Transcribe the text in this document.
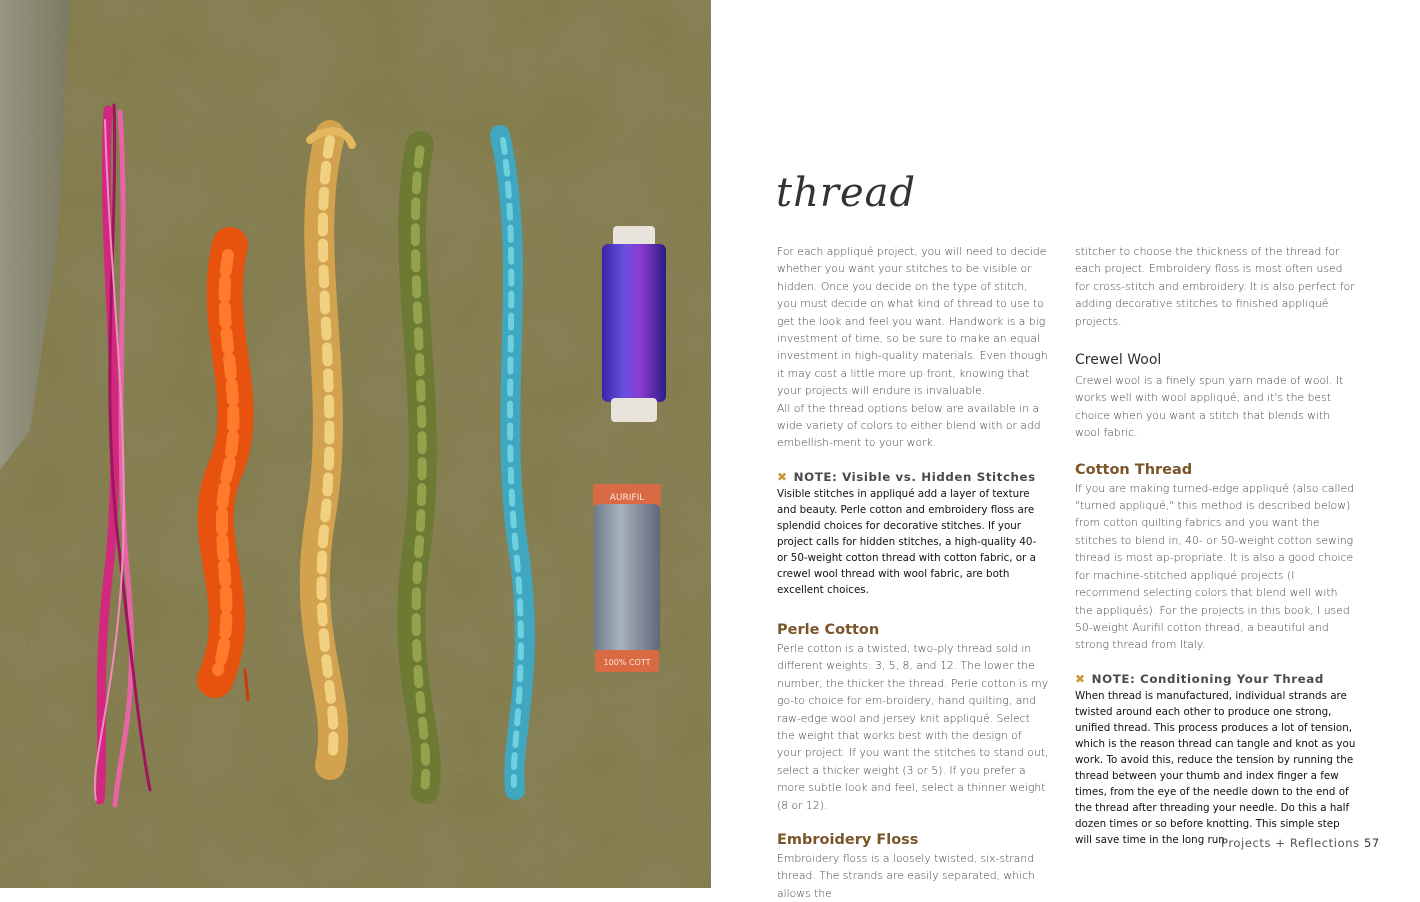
AURIFIL
100% COTT
thread

For each appliqué project, you will need to decide whether you want your stitches to be visible or hidden. Once you decide on the type of stitch, you must decide on what kind of thread to use to get the look and feel you want. Handwork is a big investment of time, so be sure to make an equal investment in high-quality materials. Even though it may cost a little more up front, knowing that your projects will endure is invaluable.

All of the thread options below are available in a wide variety of colors to either blend with or add embellish-ment to your work.

✖ NOTE: Visible vs. Hidden Stitches

Visible stitches in appliqué add a layer of texture and beauty. Perle cotton and embroidery floss are splendid choices for decorative stitches. If your project calls for hidden stitches, a high-quality 40- or 50-weight cotton thread with cotton fabric, or a crewel wool thread with wool fabric, are both excellent choices.

Perle Cotton

Perle cotton is a twisted, two-ply thread sold in different weights: 3, 5, 8, and 12. The lower the number, the thicker the thread. Perle cotton is my go-to choice for em-broidery, hand quilting, and raw-edge wool and jersey knit appliqué. Select the weight that works best with the design of your project. If you want the stitches to stand out, select a thicker weight (3 or 5). If you prefer a more subtle look and feel, select a thinner weight (8 or 12).

Embroidery Floss

Embroidery floss is a loosely twisted, six-strand thread. The strands are easily separated, which allows the

stitcher to choose the thickness of the thread for each project. Embroidery floss is most often used for cross-stitch and embroidery. It is also perfect for adding decorative stitches to finished appliqué projects.

Crewel Wool

Crewel wool is a finely spun yarn made of wool. It works well with wool appliqué, and it's the best choice when you want a stitch that blends with wool fabric.

Cotton Thread

If you are making turned-edge appliqué (also called "turned appliqué," this method is described below) from cotton quilting fabrics and you want the stitches to blend in, 40- or 50-weight cotton sewing thread is most ap-propriate. It is also a good choice for machine-stitched appliqué projects (I recommend selecting colors that blend well with the appliqués). For the projects in this book, I used 50-weight Aurifil cotton thread, a beautiful and strong thread from Italy.

✖ NOTE: Conditioning Your Thread

When thread is manufactured, individual strands are twisted around each other to produce one strong, unified thread. This process produces a lot of tension, which is the reason thread can tangle and knot as you work. To avoid this, reduce the tension by running the thread between your thumb and index finger a few times, from the eye of the needle down to the end of the thread after threading your needle. Do this a half dozen times or so before knotting. This simple step will save time in the long run.

Projects + Reflections 57
